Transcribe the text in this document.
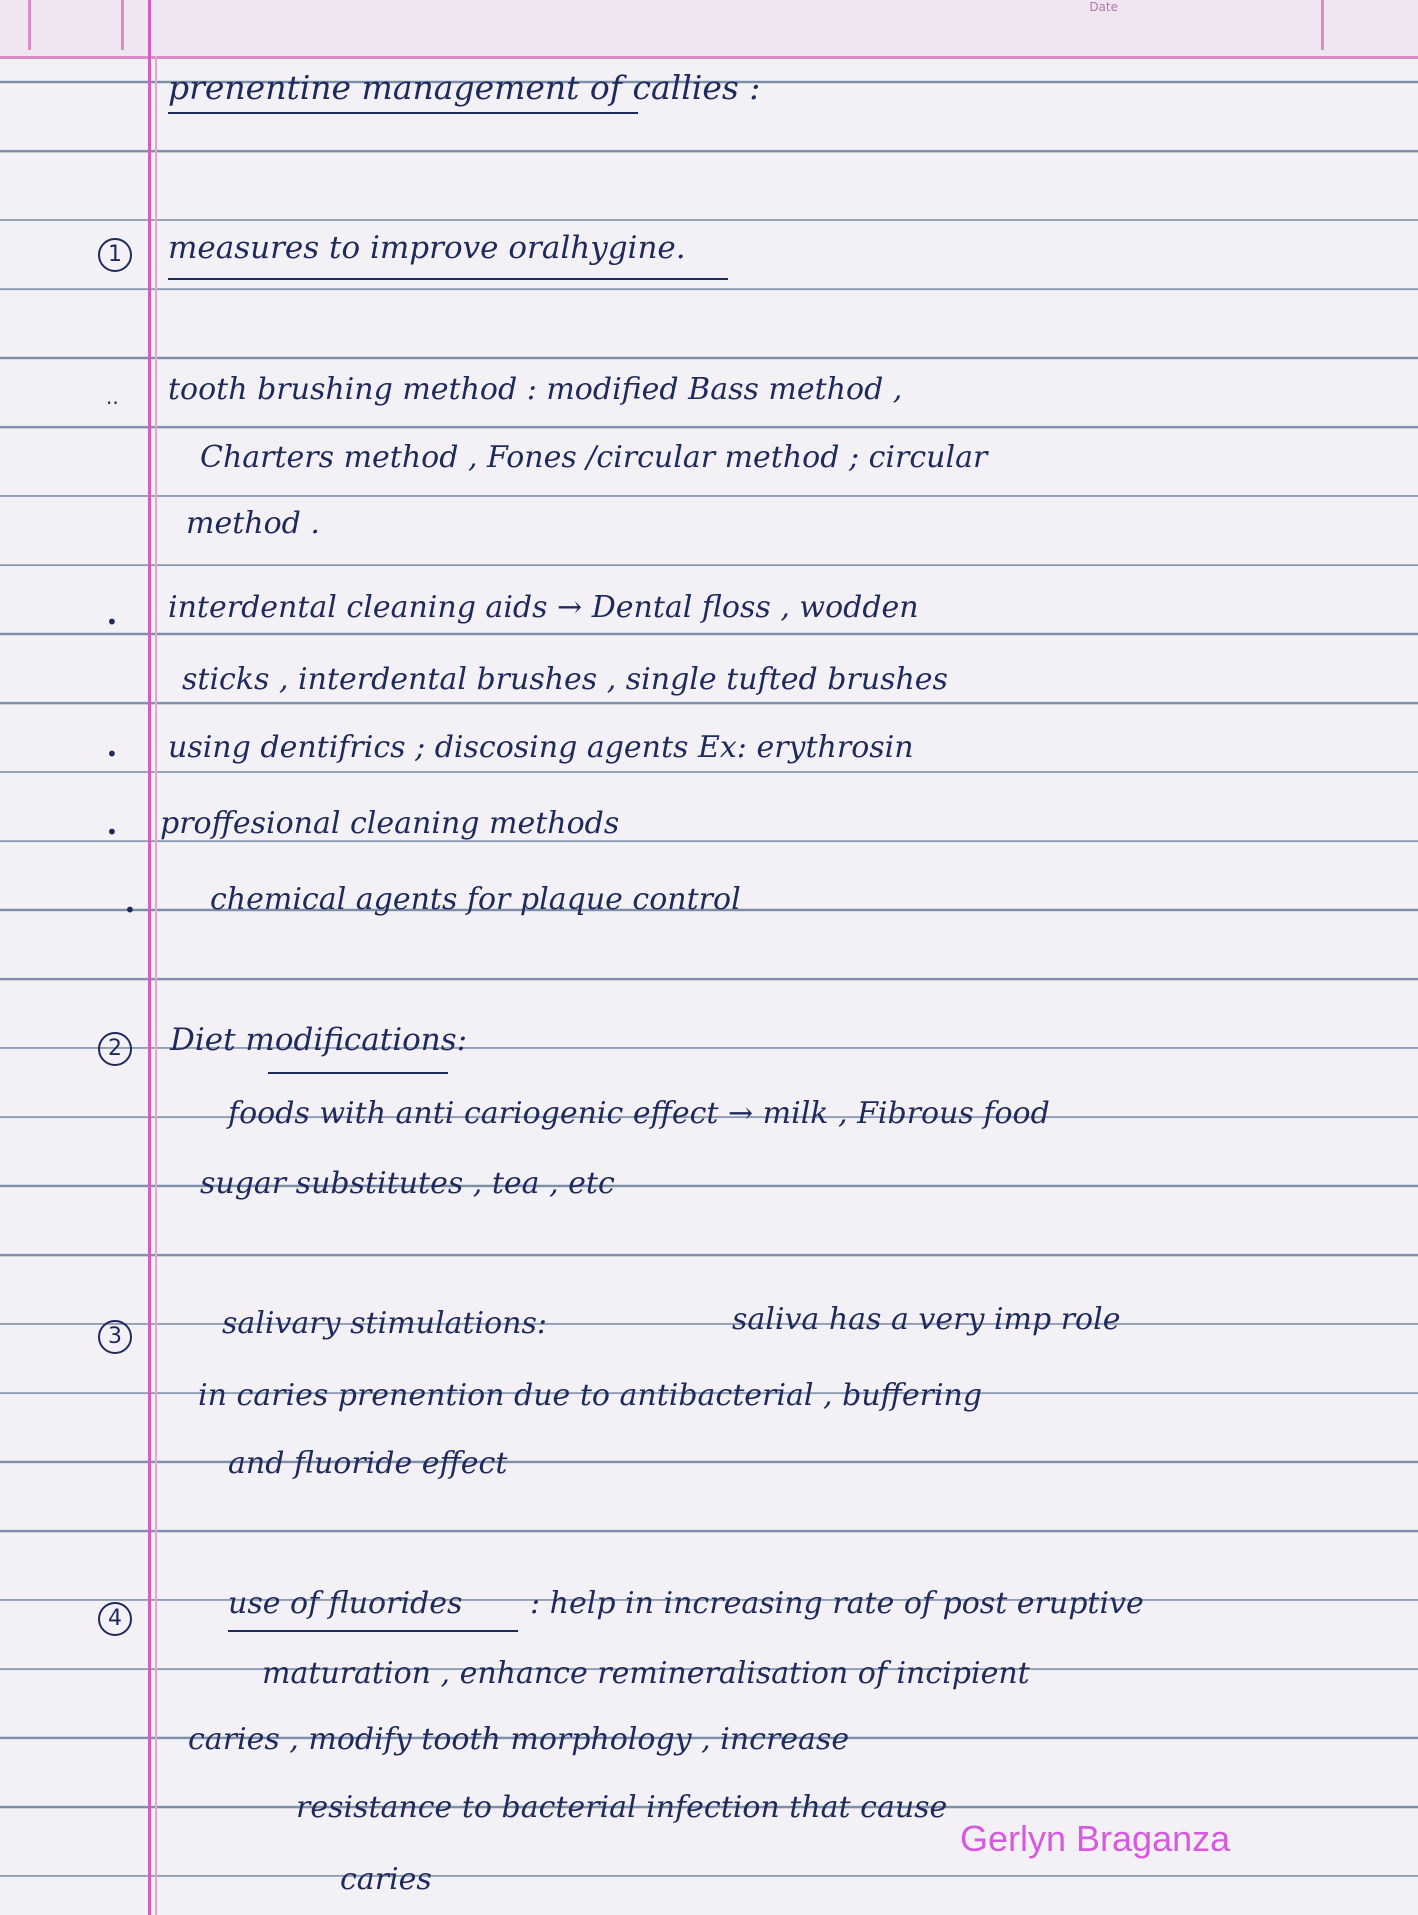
Date
prenentine management of callies :
1	measures to improve oralhygine.
.. tooth brushing method : modified Bass method ,
Charters method , Fones /circular method ; circular
method .
• interdental cleaning aids → Dental floss , wodden
sticks , interdental brushes , single tufted brushes
• using dentifrics ; discosing agents Ex: erythrosin
• proffesional cleaning methods
• chemical agents for plaque control
2	Diet modifications:
foods with anti cariogenic effect → milk , Fibrous food
sugar substitutes , tea , etc
3	salivary stimulations:	saliva has a very imp role
in caries prenention due to antibacterial , buffering
and fluoride effect
4	use of fluorides : help in increasing rate of post eruptive
maturation , enhance remineralisation of incipient
caries , modify tooth morphology , increase
resistance to bacterial infection that cause
caries
Gerlyn Braganza
